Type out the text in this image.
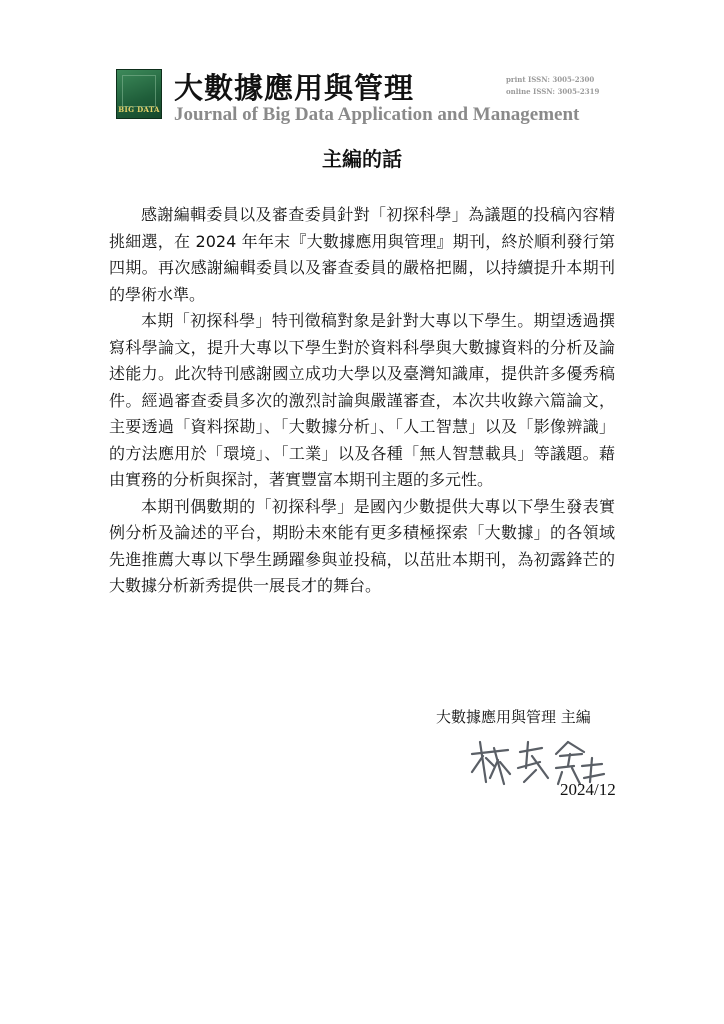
BIG DATA
大數據應用與管理	print ISSN: 3005-2300
online ISSN: 3005-2319
Journal of Big Data Application and Management
主編的話

感謝編輯委員以及審查委員針對「初探科學」為議題的投稿內容精挑細選，在 2024 年年末『大數據應用與管理』期刊，終於順利發行第四期。再次感謝編輯委員以及審查委員的嚴格把關，以持續提升本期刊的學術水準。

本期「初探科學」特刊徵稿對象是針對大專以下學生。期望透過撰寫科學論文，提升大專以下學生對於資料科學與大數據資料的分析及論述能力。此次特刊感謝國立成功大學以及臺灣知識庫，提供許多優秀稿件。經過審查委員多次的激烈討論與嚴謹審查，本次共收錄六篇論文，主要透過「資料探勘」、「大數據分析」、「人工智慧」以及「影像辨識」的方法應用於「環境」、「工業」以及各種「無人智慧載具」等議題。藉由實務的分析與探討，著實豐富本期刊主題的多元性。

本期刊偶數期的「初探科學」是國內少數提供大專以下學生發表實例分析及論述的平台，期盼未來能有更多積極探索「大數據」的各領域先進推薦大專以下學生踴躍參與並投稿，以茁壯本期刊，為初露鋒芒的大數據分析新秀提供一展長才的舞台。

大數據應用與管理 主編
2024/12
